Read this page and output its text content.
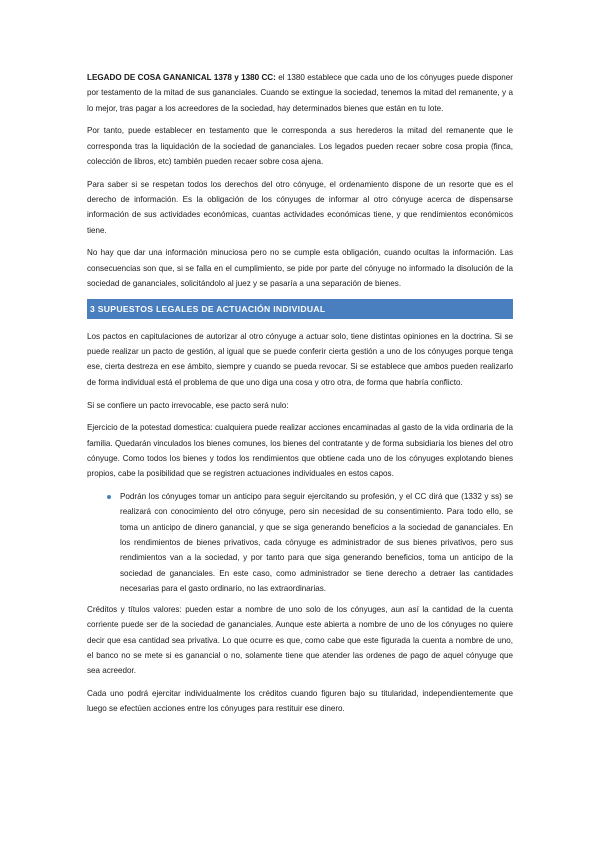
LEGADO DE COSA GANANICAL 1378 y 1380 CC: el 1380 establece que cada uno de los cónyuges puede disponer por testamento de la mitad de sus gananciales. Cuando se extingue la sociedad, tenemos la mitad del remanente, y a lo mejor, tras pagar a los acreedores de la sociedad, hay determinados bienes que están en tu lote.

Por tanto, puede establecer en testamento que le corresponda a sus herederos la mitad del remanente que le corresponda tras la liquidación de la sociedad de gananciales. Los legados pueden recaer sobre cosa propia (finca, colección de libros, etc) también pueden recaer sobre cosa ajena.

Para saber si se respetan todos los derechos del otro cónyuge, el ordenamiento dispone de un resorte que es el derecho de información. Es la obligación de los cónyuges de informar al otro cónyuge acerca de dispensarse información de sus actividades económicas, cuantas actividades económicas tiene, y que rendimientos económicos tiene.

No hay que dar una información minuciosa pero no se cumple esta obligación, cuando ocultas la información. Las consecuencias son que, si se falla en el cumplimiento, se pide por parte del cónyuge no informado la disolución de la sociedad de gananciales, solicitándolo al juez y se pasaría a una separación de bienes.

3 SUPUESTOS LEGALES DE ACTUACIÓN INDIVIDUAL

Los pactos en capitulaciones de autorizar al otro cónyuge a actuar solo, tiene distintas opiniones en la doctrina. Si se puede realizar un pacto de gestión, al igual que se puede conferir cierta gestión a uno de los cónyuges porque tenga ese, cierta destreza en ese ámbito, siempre y cuando se pueda revocar. Si se establece que ambos pueden realizarlo de forma individual está el problema de que uno diga una cosa y otro otra, de forma que habría conflicto.

Si se confiere un pacto irrevocable, ese pacto será nulo:

Ejercicio de la potestad domestica: cualquiera puede realizar acciones encaminadas al gasto de la vida ordinaria de la familia. Quedarán vinculados los bienes comunes, los bienes del contratante y de forma subsidiaria los bienes del otro cónyuge. Como todos los bienes y todos los rendimientos que obtiene cada uno de los cónyuges explotando bienes propios, cabe la posibilidad que se registren actuaciones individuales en estos capos.

Podrán los cónyuges tomar un anticipo para seguir ejercitando su profesión, y el CC dirá que (1332 y ss) se realizará con conocimiento del otro cónyuge, pero sin necesidad de su consentimiento. Para todo ello, se toma un anticipo de dinero ganancial, y que se siga generando beneficios a la sociedad de gananciales. En los rendimientos de bienes privativos, cada cónyuge es administrador de sus bienes privativos, pero sus rendimientos van a la sociedad, y por tanto para que siga generando beneficios, toma un anticipo de la sociedad de gananciales. En este caso, como administrador se tiene derecho a detraer las cantidades necesarias para el gasto ordinario, no las extraordinarias.

Créditos y títulos valores: pueden estar a nombre de uno solo de los cónyuges, aun así la cantidad de la cuenta corriente puede ser de la sociedad de gananciales. Aunque este abierta a nombre de uno de los cónyuges no quiere decir que esa cantidad sea privativa. Lo que ocurre es que, como cabe que este figurada la cuenta a nombre de uno, el banco no se mete si es ganancial o no, solamente tiene que atender las ordenes de pago de aquel cónyuge que sea acreedor.

Cada uno podrá ejercitar individualmente los créditos cuando figuren bajo su titularidad, independientemente que luego se efectúen acciones entre los cónyuges para restituir ese dinero.
